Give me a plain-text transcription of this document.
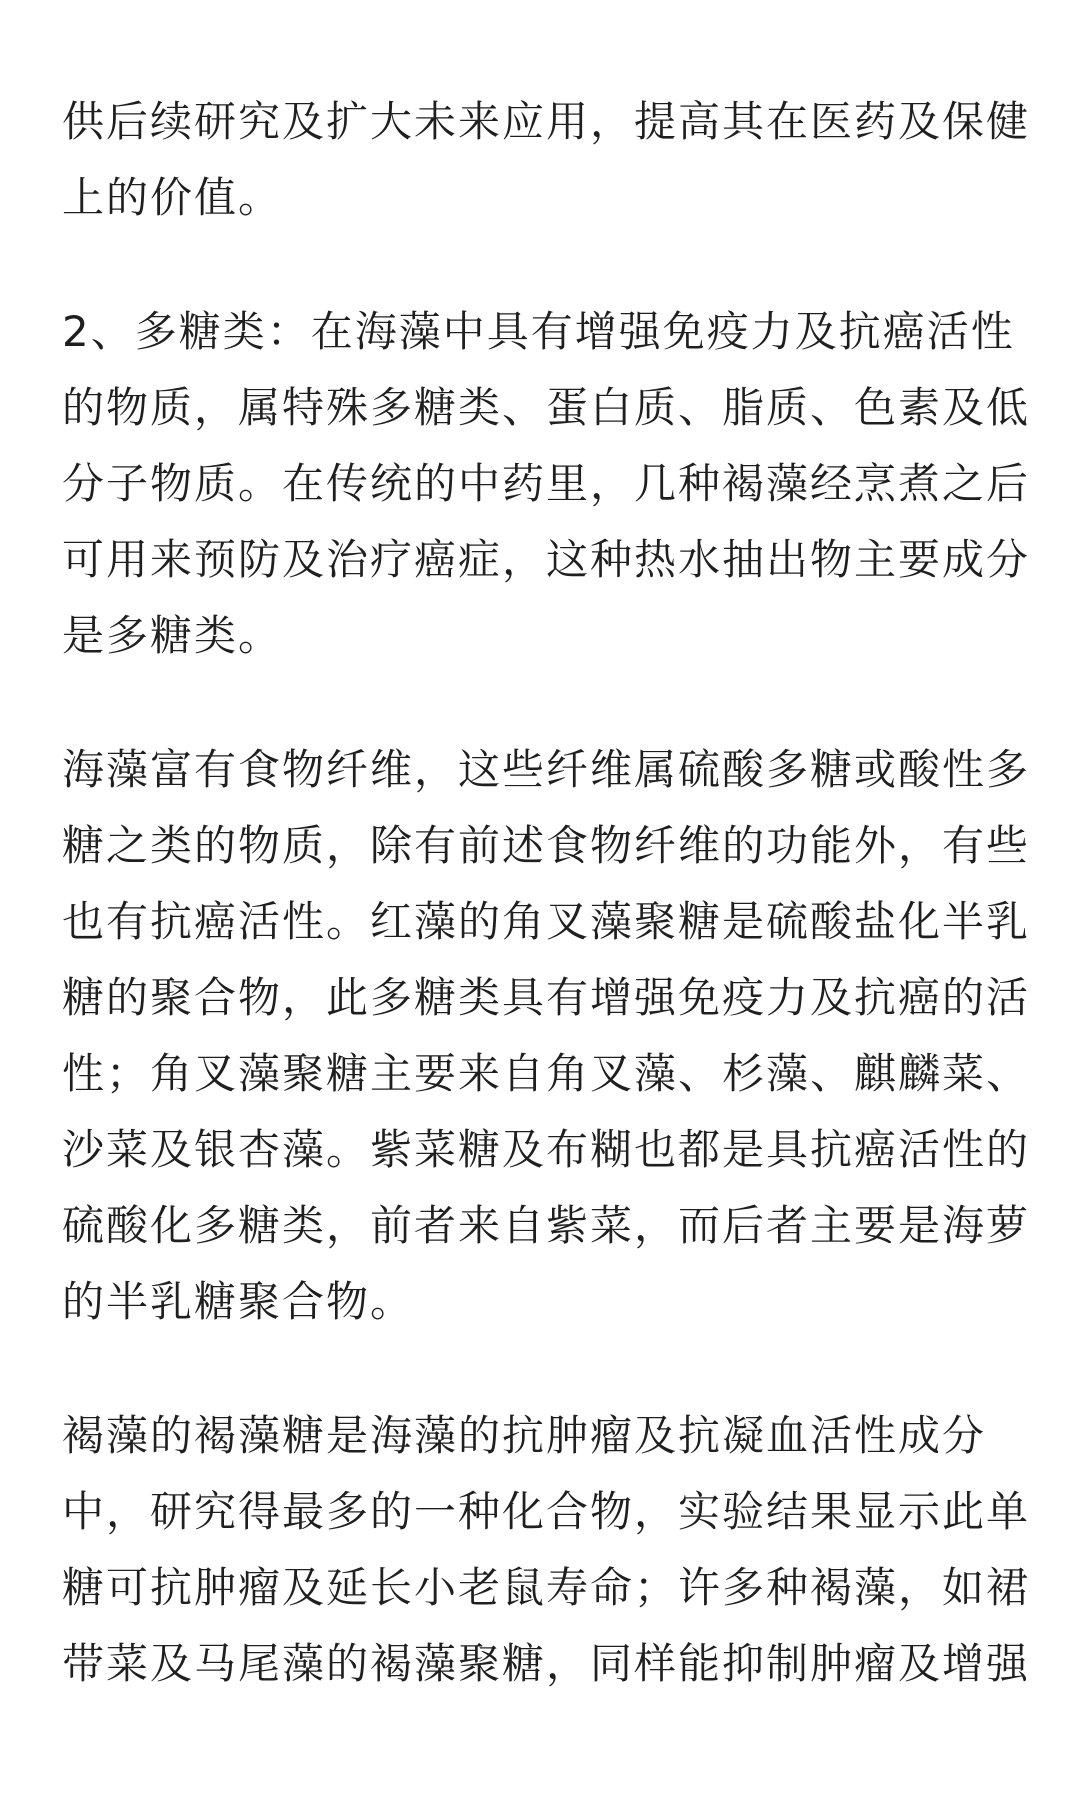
供后续研究及扩大未来应用，提高其在医药及保健
上的价值。

2、多糖类：在海藻中具有增强免疫力及抗癌活性
的物质，属特殊多糖类、蛋白质、脂质、色素及低
分子物质。在传统的中药里，几种褐藻经烹煮之后
可用来预防及治疗癌症，这种热水抽出物主要成分
是多糖类。

海藻富有食物纤维，这些纤维属硫酸多糖或酸性多
糖之类的物质，除有前述食物纤维的功能外，有些
也有抗癌活性。红藻的角叉藻聚糖是硫酸盐化半乳
糖的聚合物，此多糖类具有增强免疫力及抗癌的活
性；角叉藻聚糖主要来自角叉藻、杉藻、麒麟菜、
沙菜及银杏藻。紫菜糖及布糊也都是具抗癌活性的
硫酸化多糖类，前者来自紫菜，而后者主要是海萝
的半乳糖聚合物。

褐藻的褐藻糖是海藻的抗肿瘤及抗凝血活性成分
中，研究得最多的一种化合物，实验结果显示此单
糖可抗肿瘤及延长小老鼠寿命；许多种褐藻，如裙
带菜及马尾藻的褐藻聚糖，同样能抑制肿瘤及增强
